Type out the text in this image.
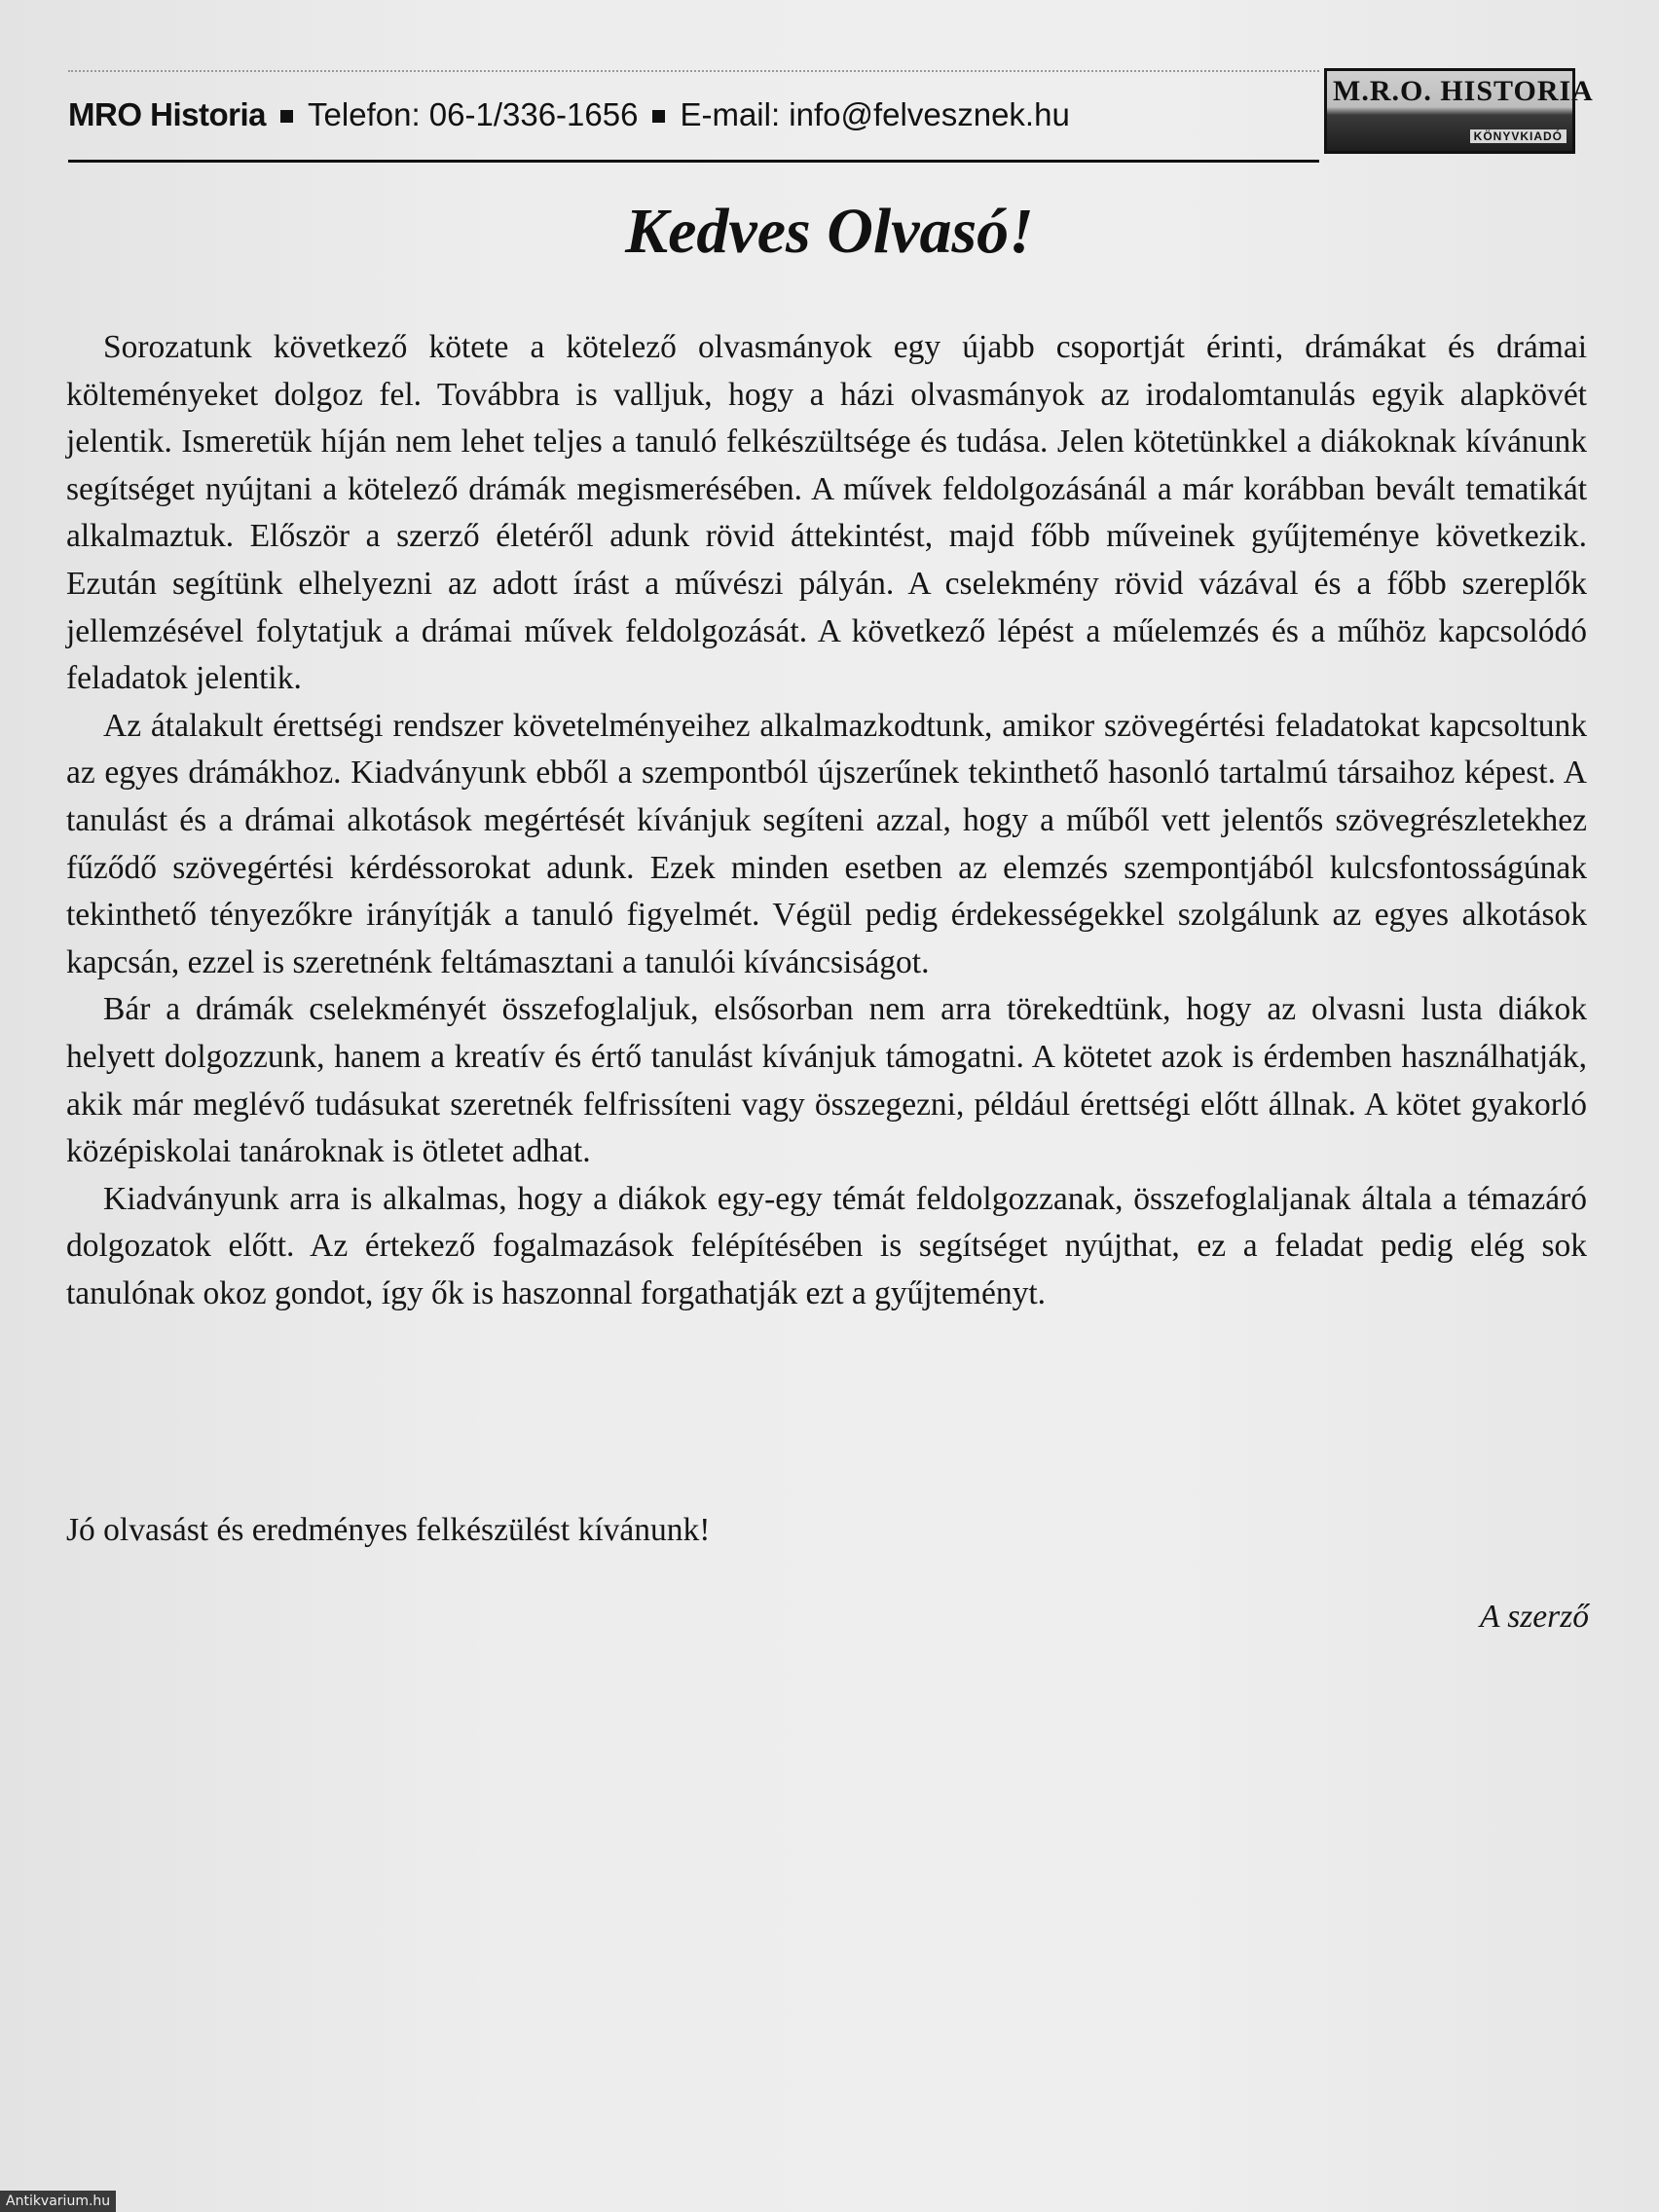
MRO Historia Telefon: 06-1/336-1656 E-mail: info@felvesznek.hu
M.R.O. HISTORIA
KÖNYVKIADÓ
Kedves Olvasó!

Sorozatunk következő kötete a kötelező olvasmányok egy újabb csoportját érinti, drámákat és drámai költeményeket dolgoz fel. Továbbra is valljuk, hogy a házi olvasmányok az irodalomtanulás egyik alapkövét jelentik. Ismeretük híján nem lehet teljes a tanuló felkészültsége és tudása. Jelen kötetünkkel a diákoknak kívánunk segítséget nyújtani a kötelező drámák megismerésében. A művek feldolgozásánál a már korábban bevált tematikát alkalmaztuk. Először a szerző életéről adunk rövid áttekintést, majd főbb műveinek gyűjteménye következik. Ezután segítünk elhelyezni az adott írást a művészi pályán. A cselekmény rövid vázával és a főbb szereplők jellemzésével folytatjuk a drámai művek feldolgozását. A következő lépést a műelemzés és a műhöz kapcsolódó feladatok jelentik.

Az átalakult érettségi rendszer követelményeihez alkalmazkodtunk, amikor szövegértési feladatokat kapcsoltunk az egyes drámákhoz. Kiadványunk ebből a szempontból újszerűnek tekinthető hasonló tartalmú társaihoz képest. A tanulást és a drámai alkotások megértését kívánjuk segíteni azzal, hogy a műből vett jelentős szövegrészletekhez fűződő szövegértési kérdéssorokat adunk. Ezek minden esetben az elemzés szempontjából kulcsfontosságúnak tekinthető tényezőkre irányítják a tanuló figyelmét. Végül pedig érdekességekkel szolgálunk az egyes alkotások kapcsán, ezzel is szeretnénk feltámasztani a tanulói kíváncsiságot.

Bár a drámák cselekményét összefoglaljuk, elsősorban nem arra törekedtünk, hogy az olvasni lusta diákok helyett dolgozzunk, hanem a kreatív és értő tanulást kívánjuk támogatni. A kötetet azok is érdemben használhatják, akik már meglévő tudásukat szeretnék felfrissíteni vagy összegezni, például érettségi előtt állnak. A kötet gyakorló középiskolai tanároknak is ötletet adhat.

Kiadványunk arra is alkalmas, hogy a diákok egy-egy témát feldolgozzanak, összefoglaljanak általa a témazáró dolgozatok előtt. Az értekező fogalmazások felépítésében is segítséget nyújthat, ez a feladat pedig elég sok tanulónak okoz gondot, így ők is haszonnal forgathatják ezt a gyűjteményt.

Jó olvasást és eredményes felkészülést kívánunk!
A szerző
Antikvarium.hu
